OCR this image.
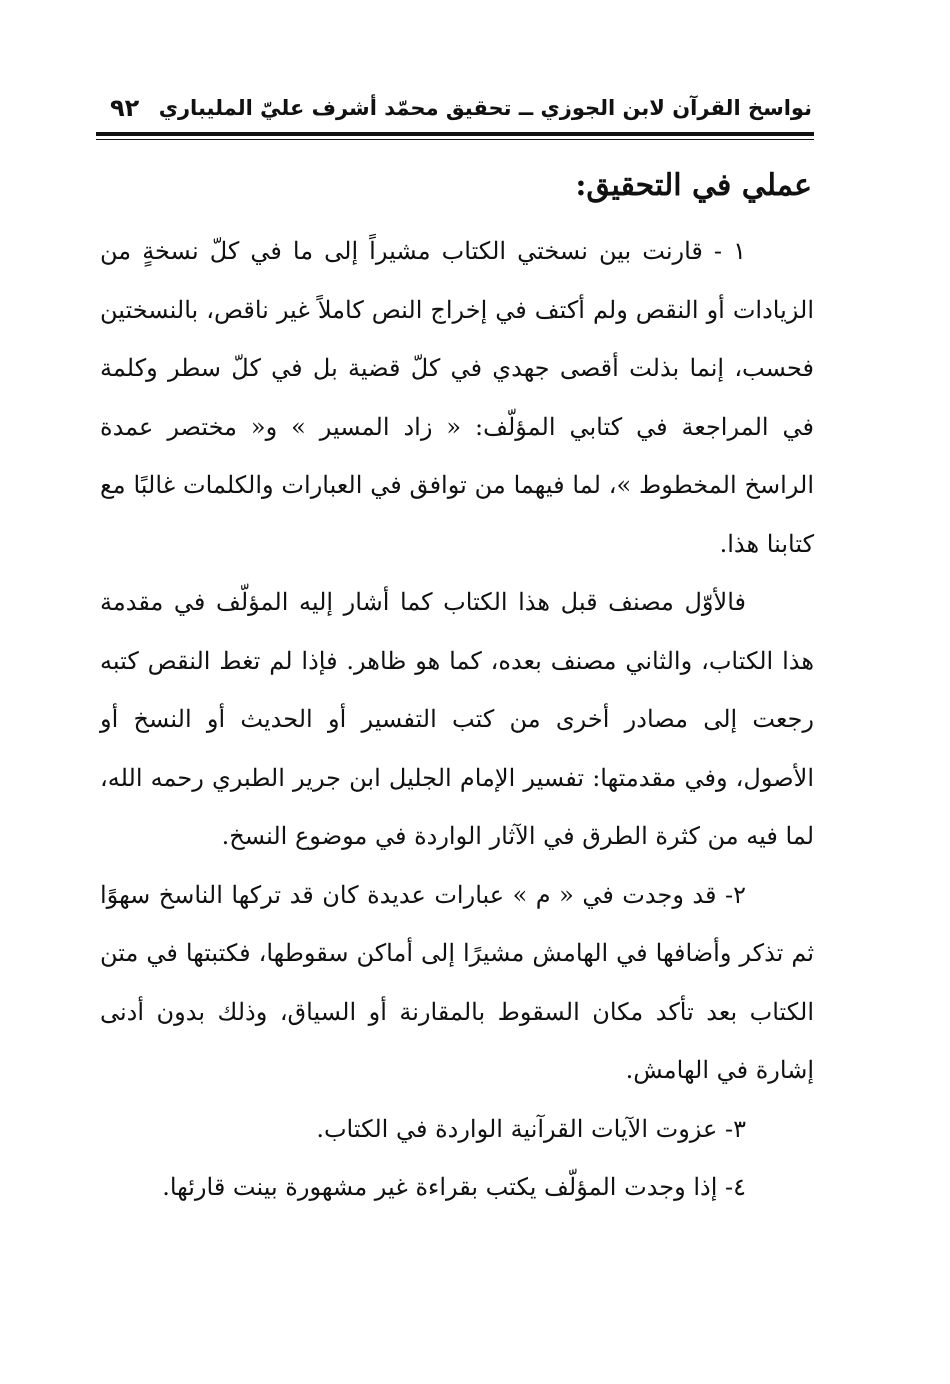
نواسخ القرآن لابن الجوزي ــ تحقيق محمّد أشرف عليّ المليباري
٩٢
عملي في التحقيق:

١ - قارنت بين نسختي الكتاب مشيراً إلى ما في كلّ نسخةٍ من الزيادات أو النقص ولم أكتف في إخراج النص كاملاً غير ناقص، بالنسختين فحسب، إنما بذلت أقصى جهدي في كلّ قضية بل في كلّ سطر وكلمة في المراجعة في كتابي المؤلّف: « زاد المسير » و« مختصر عمدة الراسخ المخطوط »، لما فيهما من توافق في العبارات والكلمات غالبًا مع كتابنا هذا.

فالأوّل مصنف قبل هذا الكتاب كما أشار إليه المؤلّف في مقدمة هذا الكتاب، والثاني مصنف بعده، كما هو ظاهر. فإذا لم تغط النقص كتبه رجعت إلى مصادر أخرى من كتب التفسير أو الحديث أو النسخ أو الأصول، وفي مقدمتها: تفسير الإمام الجليل ابن جرير الطبري رحمه الله، لما فيه من كثرة الطرق في الآثار الواردة في موضوع النسخ.

٢- قد وجدت في « م » عبارات عديدة كان قد تركها الناسخ سهوًا ثم تذكر وأضافها في الهامش مشيرًا إلى أماكن سقوطها، فكتبتها في متن الكتاب بعد تأكد مكان السقوط بالمقارنة أو السياق، وذلك بدون أدنى إشارة في الهامش.

٣- عزوت الآيات القرآنية الواردة في الكتاب.

٤- إذا وجدت المؤلّف يكتب بقراءة غير مشهورة بينت قارئها.
